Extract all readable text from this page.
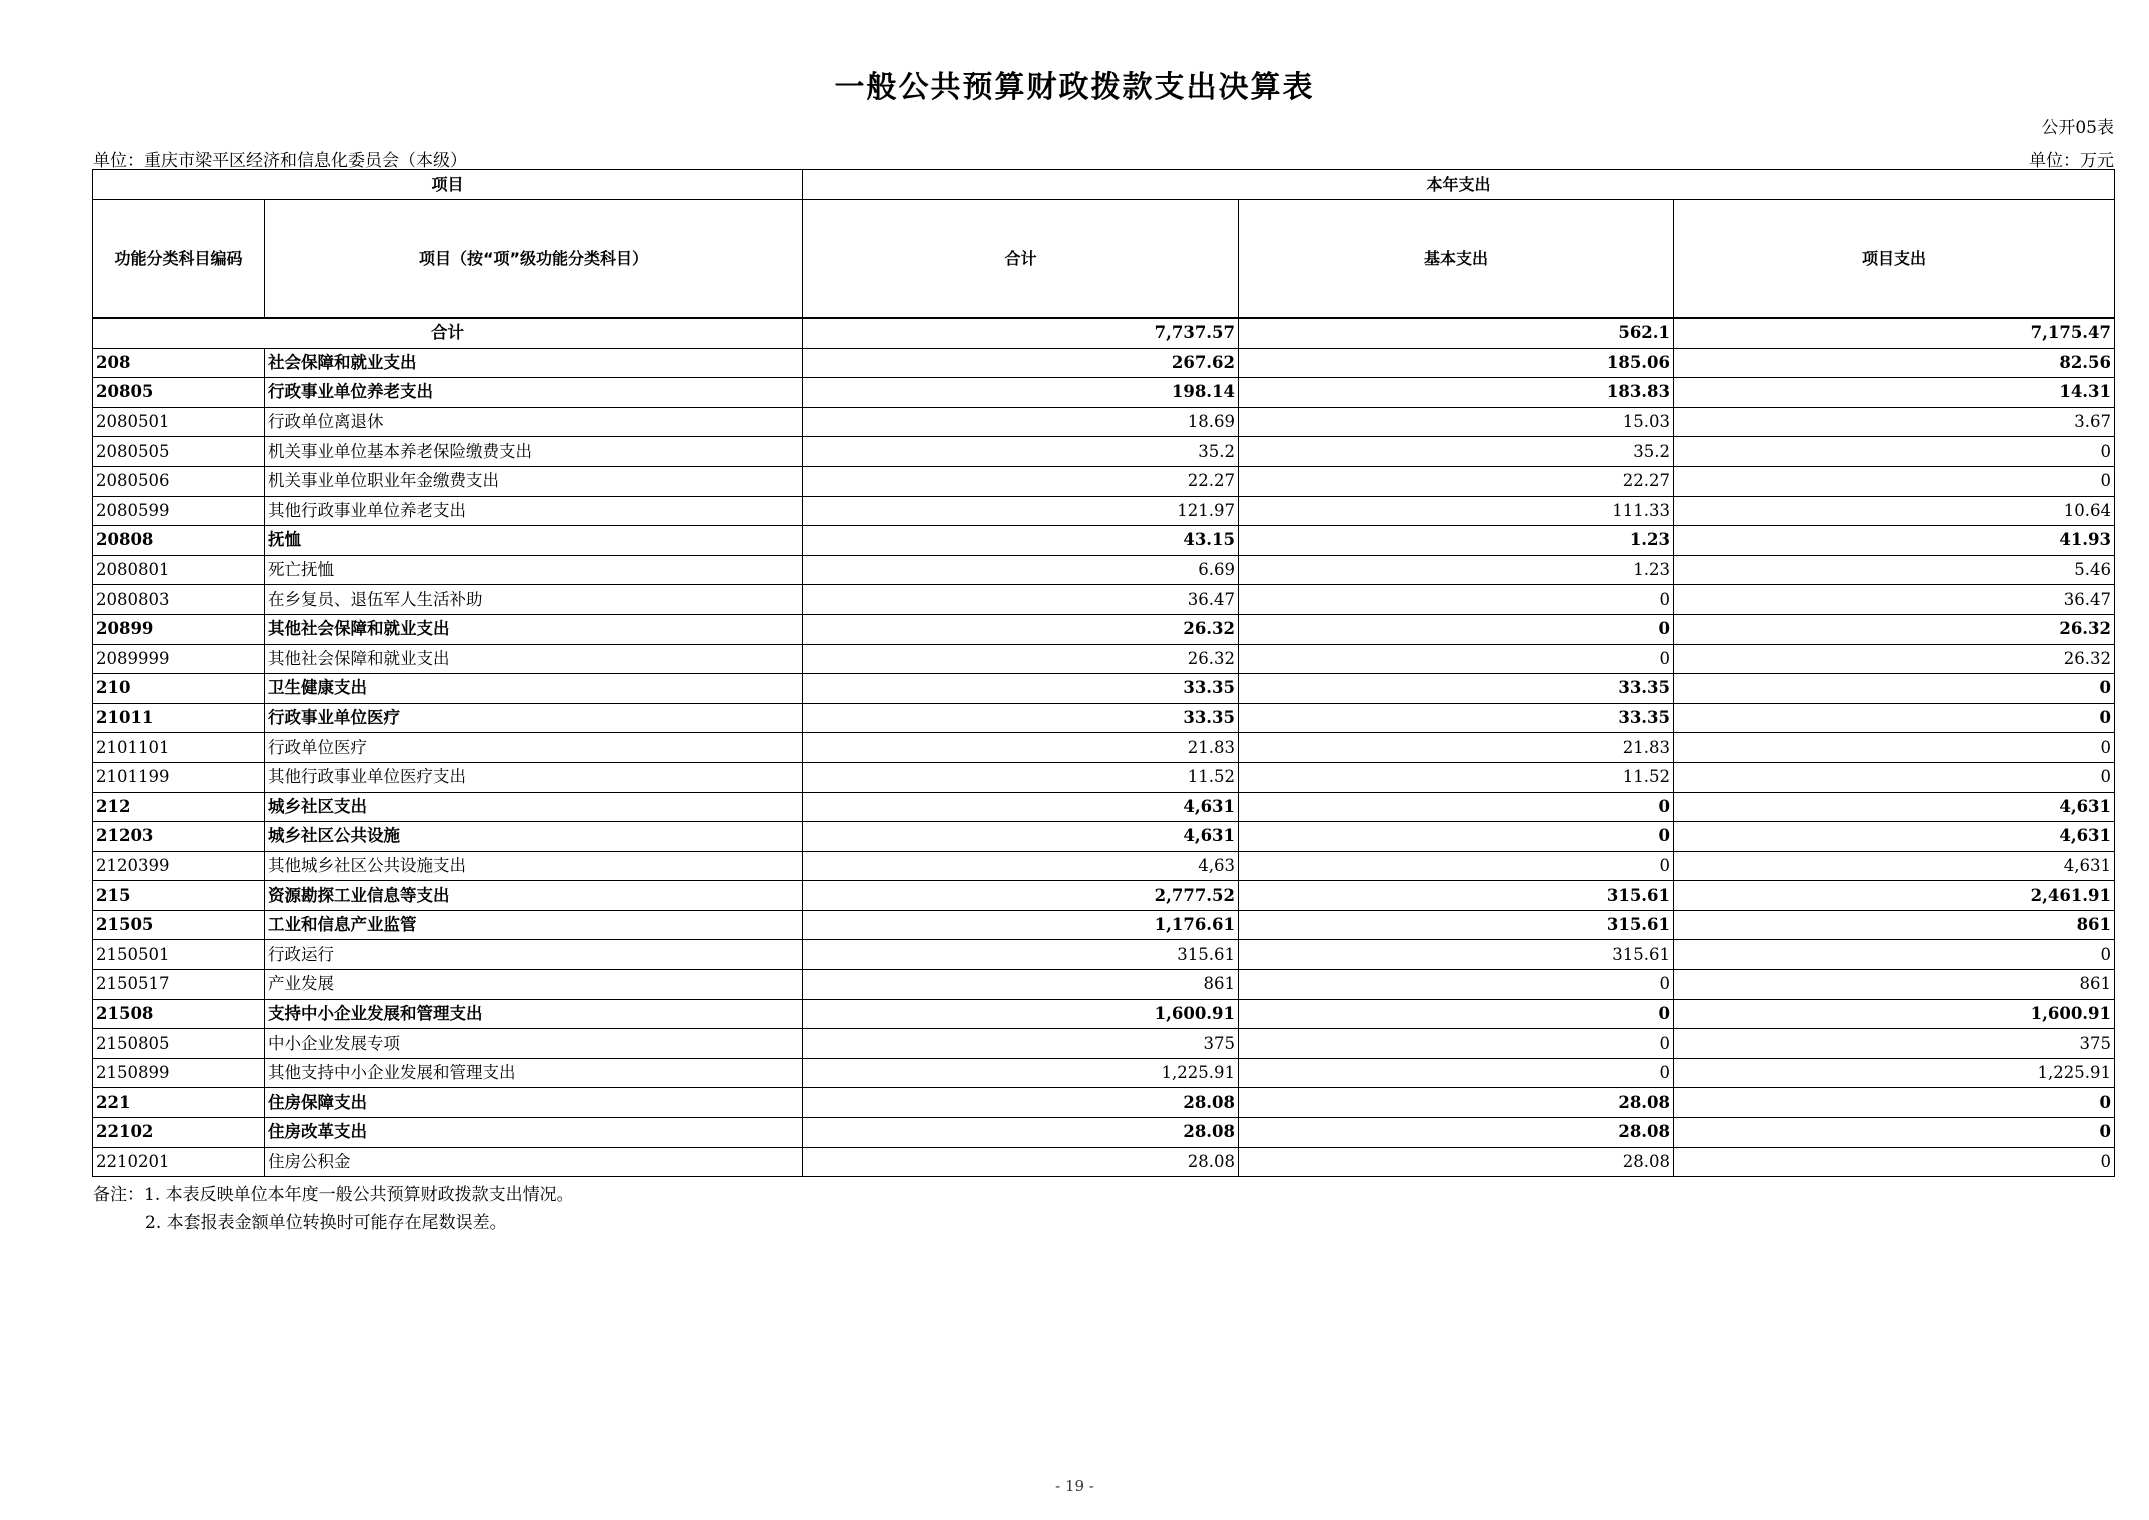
一般公共预算财政拨款支出决算表
公开05表
单位：重庆市梁平区经济和信息化委员会（本级）	单位：万元
项目		本年支出		
功能分类科目编码	项目（按“项”级功能分类科目）	合计	基本支出	项目支出
合计		7,737.57	562.1	7,175.47
208	社会保障和就业支出	267.62	185.06	82.56
20805	行政事业单位养老支出	198.14	183.83	14.31
2080501	行政单位离退休	18.69	15.03	3.67
2080505	机关事业单位基本养老保险缴费支出	35.2	35.2	0
2080506	机关事业单位职业年金缴费支出	22.27	22.27	0
2080599	其他行政事业单位养老支出	121.97	111.33	10.64
20808	抚恤	43.15	1.23	41.93
2080801	死亡抚恤	6.69	1.23	5.46
2080803	在乡复员、退伍军人生活补助	36.47	0	36.47
20899	其他社会保障和就业支出	26.32	0	26.32
2089999	其他社会保障和就业支出	26.32	0	26.32
210	卫生健康支出	33.35	33.35	0
21011	行政事业单位医疗	33.35	33.35	0
2101101	行政单位医疗	21.83	21.83	0
2101199	其他行政事业单位医疗支出	11.52	11.52	0
212	城乡社区支出	4,631	0	4,631
21203	城乡社区公共设施	4,631	0	4,631
2120399	其他城乡社区公共设施支出	4,63	0	4,631
215	资源勘探工业信息等支出	2,777.52	315.61	2,461.91
21505	工业和信息产业监管	1,176.61	315.61	861
2150501	行政运行	315.61	315.61	0
2150517	产业发展	861	0	861
21508	支持中小企业发展和管理支出	1,600.91	0	1,600.91
2150805	中小企业发展专项	375	0	375
2150899	其他支持中小企业发展和管理支出	1,225.91	0	1,225.91
221	住房保障支出	28.08	28.08	0
22102	住房改革支出	28.08	28.08	0
2210201	住房公积金	28.08	28.08	0
备注：1. 本表反映单位本年度一般公共预算财政拨款支出情况。
2. 本套报表金额单位转换时可能存在尾数误差。
- 19 -
